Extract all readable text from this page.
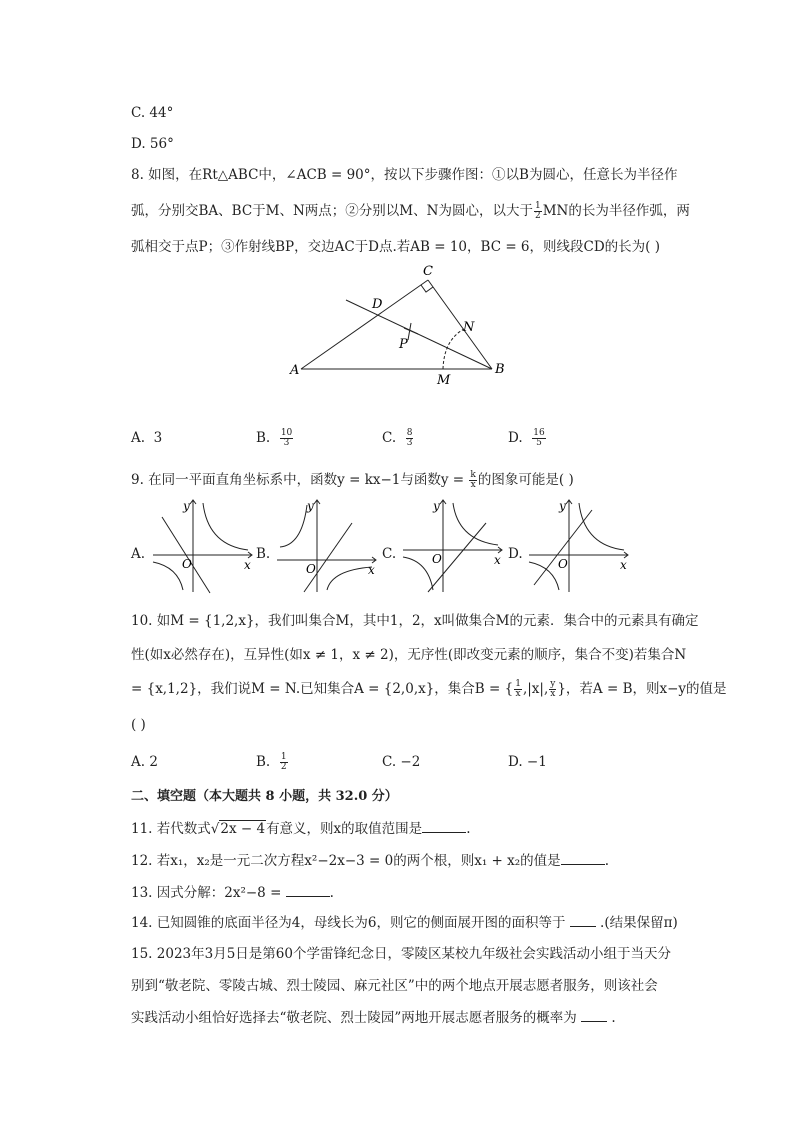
C. 44°
D. 56°
8. 如图，在Rt△ABC中，∠ACB = 90°，按以下步骤作图：①以B为圆心，任意长为半径作
弧，分别交BA、BC于M、N两点；②分别以M、N为圆心，以大于 $\frac{1}{2}$ MN的长为半径作弧，两
弧相交于点P；③作射线BP，交边AC于D点.若AB = 10，BC = 6，则线段CD的长为( )
A	B
C
D
M
N
P
A. 3	B. $\frac{10}{3}$	C. $\frac{8}{3}$	D. $\frac{16}{5}$
9. 在同一平面直角坐标系中，函数y = kx−1与函数$y = \frac{k}{x}$ 的图象可能是( )
A.
O
y
x
B.
O
y
x
C.	O
y
x D.
O
y
x
10. 如M = {1,2,x}，我们叫集合M，其中1，2，x叫做集合M的元素．集合中的元素具有确定
性(如x必然存在)，互异性(如x ≠ 1，x ≠ 2)，无序性(即改变元素的顺序，集合不变)若集合N
= {x,1,2}，我们说M = N.已知集合A = {2,0,x}，集合B = { $\frac{1}{x} ,|x|$, $\frac{y}{x}$ }，若A = B，则x−y的值是
( )
A. 2	B. $\frac{1}{2}$	C. −2	D. −1
二、填空题（本大题共 8 小题，共 32.0 分）
11. 若代数式√2x − 4有意义，则x的取值范围是	.
12. 若x₁，x₂是一元二次方程x²−2x−3 = 0的两个根，则x₁ + x₂的值是	.
13. 因式分解：2x²−8 =	.
14. 已知圆锥的底面半径为4，母线长为6，则它的侧面展开图的面积等于  .(结果保留π)
15. 2023年3月5日是第60个学雷锋纪念日，零陵区某校九年级社会实践活动小组于当天分
别到“敬老院、零陵古城、烈士陵园、麻元社区”中的两个地点开展志愿者服务，则该社会
实践活动小组恰好选择去“敬老院、烈士陵园”两地开展志愿者服务的概率为  .
